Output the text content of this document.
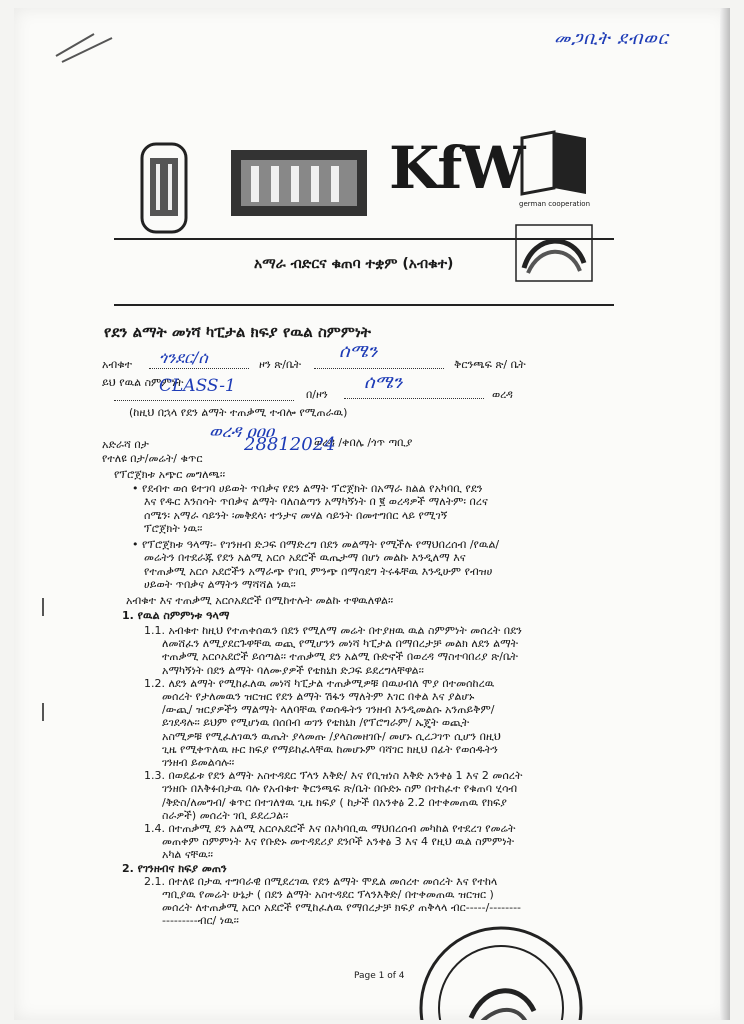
መጋቢት ደብወር
KfW
german cooperation
አማራ ብድርና ቁጠባ ተቋም (አብቁተ)
የደን ልማት መነሻ ካፒታል ክፍያ የዉል ስምምነት
አብቁተ ጎንደር/ሰ	ዞን ጽ/ቤት
ሰሜን
ቅርንጫፍ ጽ/ ቤት
ይህ የዉል ስምምነት
CLASS-1	በ/ዞን
ሰሜን
ወረዳ
(ከዚህ በኋላ የደን ልማት ተጠቃሚ ተብሎ የሚጠራዉ)
አድራሻ በታ
ወረዳ ዐዐዐ
ወረዳ /ቀበሌ /ጎጥ ጣቢያ
የተለዩ በታ/መሬት/ ቁጥር
28812024
የፕሮጀክቱ አጭር መግለጫ፡፡
• የደብተ ወሰ ዩተገባ ሀይወት ጥበቃና የደን ልማት ፕሮጀክት በአማራ ክልል የአካባቢ የደን
እና የዱር እንስሳት ጥበቃና ልማት ባለስልጣን አማካኝነት በ ፪ ወረዳዎች ማለትም፡ በረና
ሰሜን፡ አማራ ሳይንት ፡መቅደላ፡ ተንታና መሃል ሳይንት በመተግበር ላይ የሚገኝ
ፕሮጀክት ነዉ፡፡
• የፕሮጀክቱ ዓላማ፡- የገንዘብ ድጋፍ በማድረግ በደን መልማት የሚችሉ የማህበረሰብ /የዉል/
መሬትን በተደራጁ የደን አልሚ አርሶ አደሮች ዉጤታማ በሆነ መልኩ እንዲለማ እና
የተጠቃሚ አርሶ አደሮችን አማራጭ የገቢ ምንጭ በማሳደግ ትሩፋቸዉ እንዲሁም የብዝሀ
ሀይወት ጥበቃና ልማትን ማሻሻል ነዉ፡፡
አብቁተ እና ተጠቃሚ አርሶአደሮች በሚከተሉት መልኩ ተዋዉለዋል፡፡
1. የዉል ስምምነቱ ዓላማ
1.1. አብቁተ ከዚህ የተጠቀሰዉን በደን የሚለማ መሬት በተያዘዉ ዉል ስምምነት መሰረት በደን
ለመሸፈን ለሚያደርጉዋቸዉ ወጪ የሚሆንን መነሻ ካፒታል በማበረታቻ መልክ ለደን ልማት
ተጠቃሚ አርሶአደሮች ይሰጣል፡፡ ተጠቃሚ ደን አልሚ ቡድኖች በወረዳ ማስተባበሪያ ጽ/ቤት
አማካኝነት በደን ልማት ባለሙያዎች የቴክኒክ ድጋፍ ይደረግላቸዋል፡፡
1.2. ለደን ልማት የሚከፈለዉ መነሻ ካፒታል ተጠቃሚዎቹ በዉሀብለ ሞያ በተመሰከረዉ
መሰረት የታለመዉን ዝርዝር የደን ልማት ሽፋን ማለትም እገር በቀል እና ያልሆኑ
/ውጪ/ ዝርያዎችን ማልማት ላለባቸዉ የወሰዱትን ገንዘብ እንዲመልሱ አንጠይቅም/
ይገደዳሉ፡፡ ይህም የሚሆነዉ በሰበብ ወገን የቴክኒክ /የፕሮግራም/ ኤጄት ወጪት
አስሚዎቹ የሚፈለገዉን ዉጤት ያላመጡ /ያላስመዘገቡ/ መሆኑ ሲረጋገጥ ሲሆን በዚህ
ጊዜ የሚቀጥለዉ ዙር ክፍያ የማይከፈላቸዉ ከመሆኑም ባሻገር ክዚህ በፊት የወሰዱትን
ገንዘብ ይመልሳሉ፡፡
1.3. በወደፊቱ የደን ልማት አስተዳደር ፕላን እቅድ/ እና የቢዝነስ እቅድ አንቀፅ 1 እና 2 መሰረት
ገንዘቡ በእቅፉበታዉ ባሉ የአብቁተ ቅርንጫፍ ጽ/ቤት በቡድኑ ስም በተከፈተ የቁጠባ ሂሳብ
/ቅድስ/ለመግብ/ ቁጥር በተገለፃዉ ጊዜ ክፍያ ( ከታች በአንቀፅ 2.2 በተቀመጠዉ የክፍያ
ስራዎች) መሰረት ገቢ ይደረጋል፡፡
1.4. በተጠቃሚ ደን አልሚ አርሶአደሮች እና በአካባቢዉ ማህበረሰብ መካከል የተደረገ የመሬት
መጠቀም ስምምነት እና የቡድኑ መተዳደሪያ ደንቦች አንቀፅ 3 እና 4 የዚህ ዉል ስምምነት
አካል ናቸዉ፡፡
2. የገንዘብና ክፍያ መጠን
2.1. በተለዩ በታዉ ተግባራዊ በሚደረገዉ የደን ልማት ሞዴል መሰረተ መሰረት እና የተከላ
ጣቢያዉ የመሬት ሁኔታ ( በደን ልማት አስተዳደር ፕላንእቅድ/ በተቀመጠዉ ዝርዝር )
መሰረት ለተጠቃሚ አርሶ አደሮች የሚከፈለዉ የማበረታቻ ክፍያ ጠቅላላ ብር-----/--------
---------ብር/ ነዉ፡፡
Page 1 of 4
